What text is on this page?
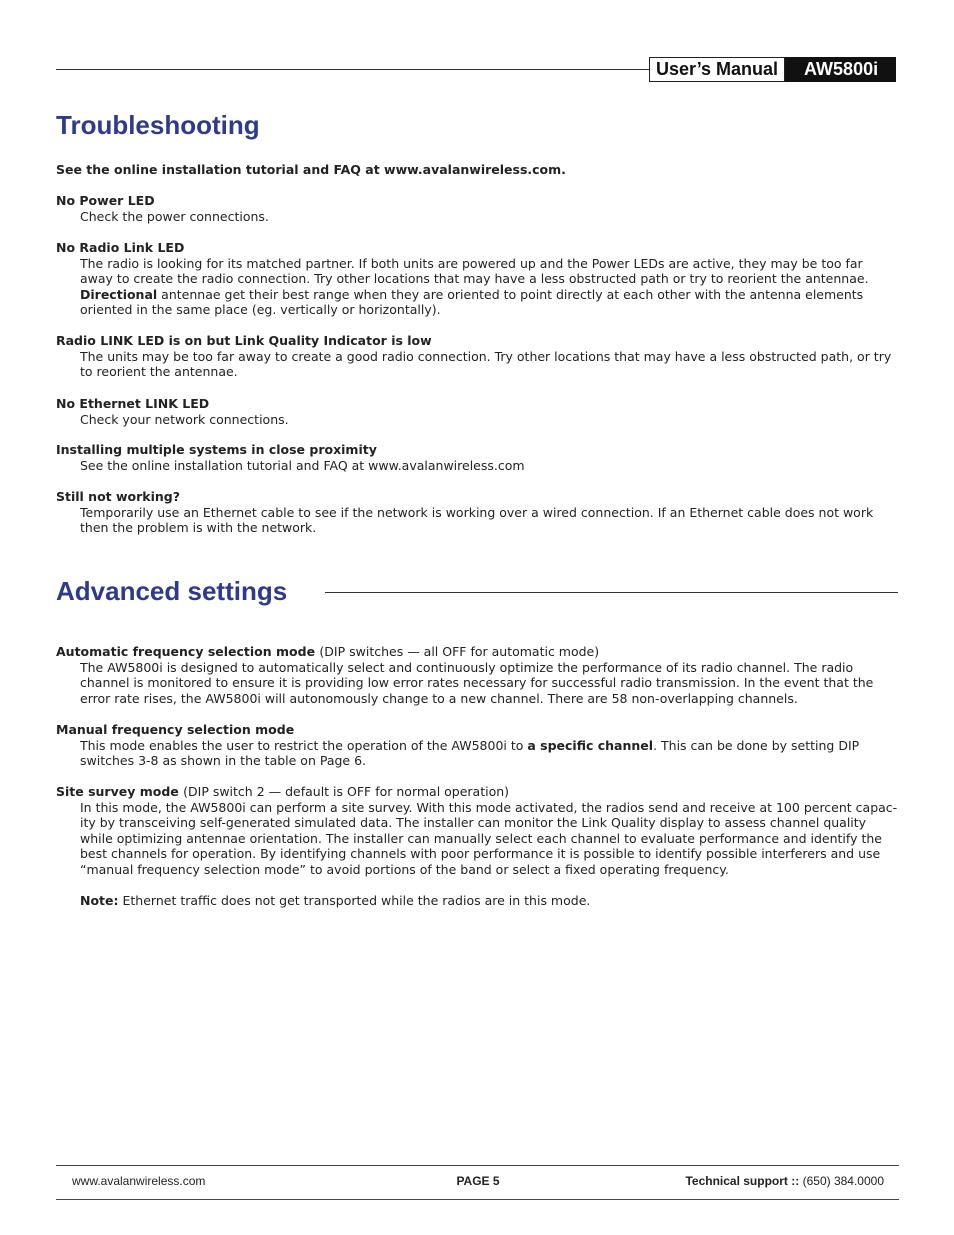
User’s Manual	AW5800i
Troubleshooting
See the online installation tutorial and FAQ at www.avalanwireless.com.
No Power LED
Check the power connections.
No Radio Link LED
The radio is looking for its matched partner. If both units are powered up and the Power LEDs are active, they may be too far away to create the radio connection. Try other locations that may have a less obstructed path or try to reorient the antennae. Directional antennae get their best range when they are oriented to point directly at each other with the antenna elements oriented in the same place (eg. vertically or horizontally).
Radio LINK LED is on but Link Quality Indicator is low
The units may be too far away to create a good radio connection. Try other locations that may have a less obstructed path, or try to reorient the antennae.
No Ethernet LINK LED
Check your network connections.
Installing multiple systems in close proximity
See the online installation tutorial and FAQ at www.avalanwireless.com
Still not working?
Temporarily use an Ethernet cable to see if the network is working over a wired connection. If an Ethernet cable does not work then the problem is with the network.
Advanced settings
Automatic frequency selection mode (DIP switches — all OFF for automatic mode)
The AW5800i is designed to automatically select and continuously optimize the performance of its radio channel. The radio channel is monitored to ensure it is providing low error rates necessary for successful radio transmission. In the event that the error rate rises, the AW5800i will autonomously change to a new channel. There are 58 non-overlapping channels.
Manual frequency selection mode
This mode enables the user to restrict the operation of the AW5800i to a specific channel. This can be done by setting DIP switches 3-8 as shown in the table on Page 6.
Site survey mode (DIP switch 2 — default is OFF for normal operation)
In this mode, the AW5800i can perform a site survey. With this mode activated, the radios send and receive at 100 percent capac-ity by transceiving self-generated simulated data. The installer can monitor the Link Quality display to assess channel quality while optimizing antennae orientation. The installer can manually select each channel to evaluate performance and identify the best channels for operation. By identifying channels with poor performance it is possible to identify possible interferers and use “manual frequency selection mode” to avoid portions of the band or select a fixed operating frequency.
Note: Ethernet traffic does not get transported while the radios are in this mode.
PAGE 5
www.avalanwireless.com	Technical support :: (650) 384.0000
